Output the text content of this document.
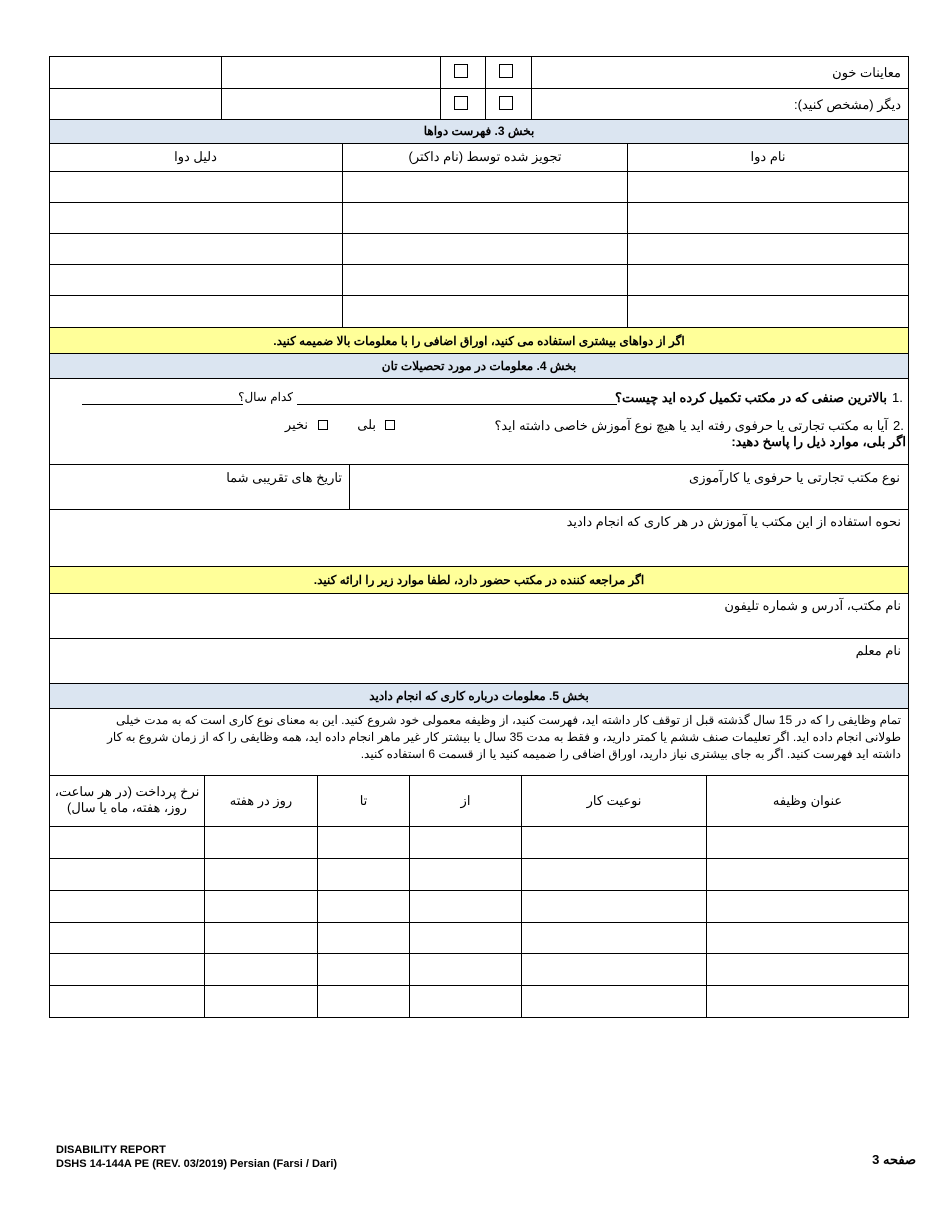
معاینات خون
دیگر (مشخص کنید):
بخش 3. فهرست دواها
نام دوا
تجویز شده توسط (نام داکتر)
دلیل دوا
اگر از دواهای بیشتری استفاده می کنید، اوراق اضافی را با معلومات بالا ضمیمه کنید.
بخش 4. معلومات در مورد تحصیلات تان
1.
بالاترین صنفی که در مکتب تکمیل کرده اید چیست؟
کدام سال؟
2.
آیا به مکتب تجارتی یا حرفوی رفته اید یا هیچ نوع آموزش خاصی داشته اید؟
اگر بلی، موارد ذیل را پاسخ دهید:
بلی
نخیر
نوع مکتب تجارتی یا حرفوی یا کارآموزی
تاریخ های تقریبی شما
نحوه استفاده از این مکتب یا آموزش در هر کاری که انجام دادید
اگر مراجعه کننده در مکتب حضور دارد، لطفا موارد زیر را ارائه کنید.
نام مکتب، آدرس و شماره تلیفون
نام معلم
بخش 5. معلومات درباره کاری که انجام دادید
تمام وظایفی را که در 15 سال گذشته قبل از توقف کار داشته اید، فهرست کنید، از وظیفه معمولی خود شروع کنید. این به معنای نوع کاری است که به مدت خیلی
طولانی انجام داده اید. اگر تعلیمات صنف ششم یا کمتر دارید، و فقط به مدت 35 سال یا بیشتر کار غیر ماهر انجام داده اید، همه وظایفی را که از زمان شروع به کار
داشته اید فهرست کنید. اگر به جای بیشتری نیاز دارید، اوراق اضافی را ضمیمه کنید یا از قسمت 6 استفاده کنید.
عنوان وظیفه
نوعیت کار
از
تا
روز در هفته
نرخ پرداخت (در هر ساعت،
روز، هفته، ماه یا سال)
DISABILITY REPORT
DSHS 14-144A PE (REV. 03/2019) Persian (Farsi / Dari)	صفحه 3
